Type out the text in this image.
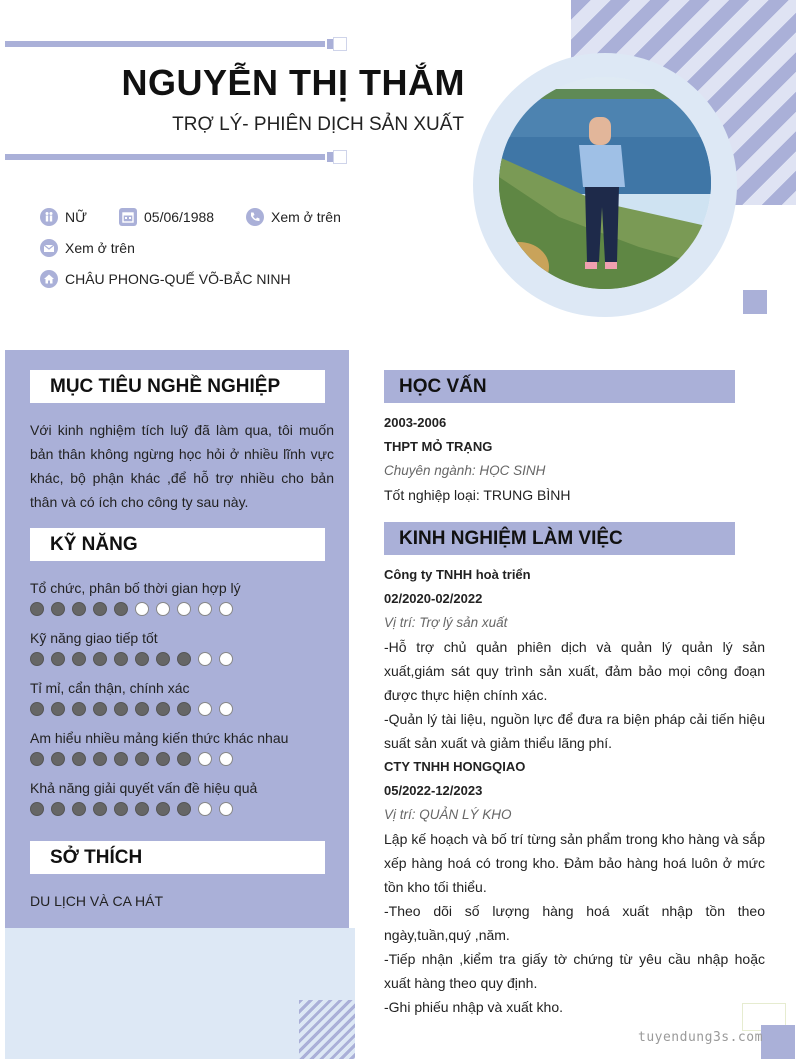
NGUYỄN THỊ THẮM
TRỢ LÝ- PHIÊN DỊCH SẢN XUẤT
NỮ	05/06/1988	Xem ở trên
Xem ở trên
CHÂU PHONG-QUẾ VÕ-BẮC NINH
MỤC TIÊU NGHỀ NGHIỆP
Với kinh nghiệm tích luỹ đã làm qua, tôi muốn bản thân không ngừng học hỏi ở nhiều lĩnh vực khác, bộ phận khác ,để hỗ trợ nhiều cho bản thân và có ích cho công ty sau này.
KỸ NĂNG
Tổ chức, phân bố thời gian hợp lý
Kỹ năng giao tiếp tốt
Tỉ mỉ, cẩn thận, chính xác
Am hiểu nhiều mảng kiến thức khác nhau
Khả năng giải quyết vấn đề hiệu quả
SỞ THÍCH
DU LỊCH VÀ CA HÁT
HỌC VẤN

2003-2006

THPT MỎ TRẠNG

Chuyên ngành: HỌC SINH

Tốt nghiệp loại: TRUNG BÌNH

KINH NGHIỆM LÀM VIỆC

Công ty TNHH hoà triển

02/2020-02/2022

Vị trí: Trợ lý sản xuất

-Hỗ trợ chủ quản phiên dịch và quản lý quản lý sản xuất,giám sát quy trình sản xuất, đảm bảo mọi công đoạn được thực hiện chính xác.

-Quản lý tài liệu, nguồn lực để đưa ra biện pháp cải tiến hiệu suất sản xuất và giảm thiểu lãng phí.

CTY TNHH HONGQIAO

05/2022-12/2023

Vị trí: QUẢN LÝ KHO

Lập kế hoạch và bố trí từng sản phẩm trong kho hàng và sắp xếp hàng hoá có trong kho. Đảm bảo hàng hoá luôn ở mức tồn kho tối thiểu.

-Theo dõi số lượng hàng hoá xuất nhập tồn theo ngày,tuần,quý ,năm.

-Tiếp nhận ,kiểm tra giấy tờ chứng từ yêu cầu nhập hoặc xuất hàng theo quy định.

-Ghi phiếu nhập và xuất kho.

tuyendung3s.com
